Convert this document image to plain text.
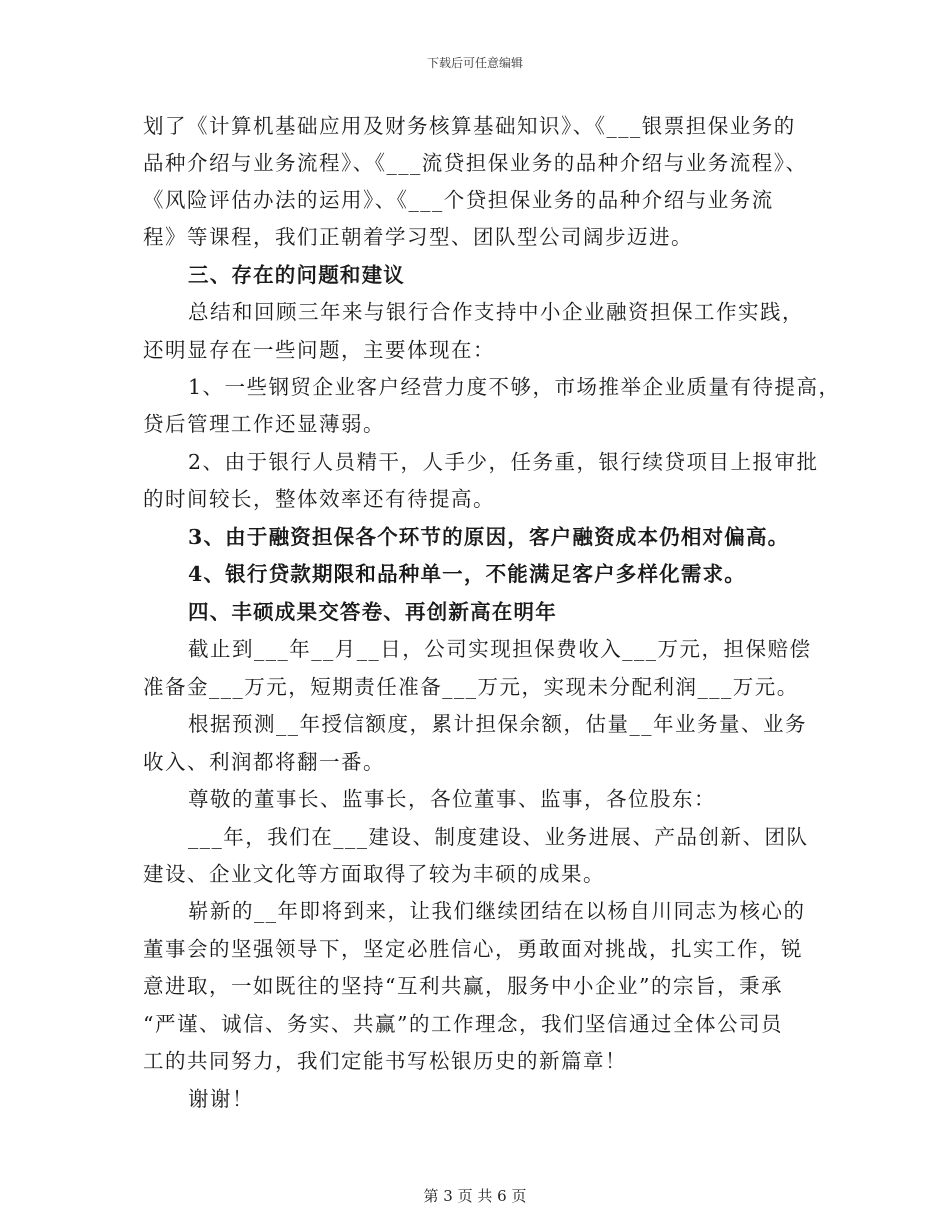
下载后可任意编辑
划了《计算机基础应用及财务核算基础知识》、《___银票担保业务的
品种介绍与业务流程》、《___流贷担保业务的品种介绍与业务流程》、
《风险评估办法的运用》、《___个贷担保业务的品种介绍与业务流
程》等课程，我们正朝着学习型、团队型公司阔步迈进。
三、存在的问题和建议
总结和回顾三年来与银行合作支持中小企业融资担保工作实践，
还明显存在一些问题，主要体现在：
1、一些钢贸企业客户经营力度不够，市场推举企业质量有待提高，
贷后管理工作还显薄弱。
2、由于银行人员精干，人手少，任务重，银行续贷项目上报审批
的时间较长，整体效率还有待提高。
3、由于融资担保各个环节的原因，客户融资成本仍相对偏高。
4、银行贷款期限和品种单一，不能满足客户多样化需求。
四、丰硕成果交答卷、再创新高在明年
截止到___年__月__日，公司实现担保费收入___万元，担保赔偿
准备金___万元，短期责任准备___万元，实现未分配利润___万元。
根据预测__年授信额度，累计担保余额，估量__年业务量、业务
收入、利润都将翻一番。
尊敬的董事长、监事长，各位董事、监事，各位股东：
___年，我们在___建设、制度建设、业务进展、产品创新、团队
建设、企业文化等方面取得了较为丰硕的成果。
崭新的__年即将到来，让我们继续团结在以杨自川同志为核心的
董事会的坚强领导下，坚定必胜信心，勇敢面对挑战，扎实工作，锐
意进取，一如既往的坚持“互利共赢，服务中小企业”的宗旨，秉承
“严谨、诚信、务实、共赢”的工作理念，我们坚信通过全体公司员
工的共同努力，我们定能书写松银历史的新篇章！
谢谢！
第 3 页 共 6 页
